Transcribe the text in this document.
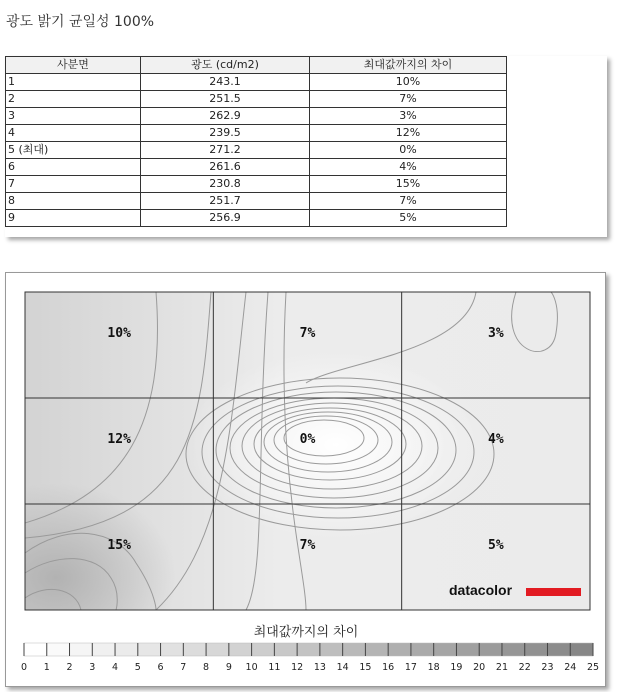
광도 밝기 균일성 100%
사분면	광도 (cd/m2)	최대값까지의 차이
1	243.1	10%
2	251.5	7%
3	262.9	3%
4	239.5	12%
5 (최대)	271.2	0%
6	261.6	4%
7	230.8	15%
8	251.7	7%
9	256.9	5%
10%	7%	3%
12%	0%	4%
15%	7%	5%
datacolor
최대값까지의 차이
0 1 2 3 4 5 6 7 8 9 10 11 12 13 14 15 16 17 18 19 20 21 22 23 24 25
